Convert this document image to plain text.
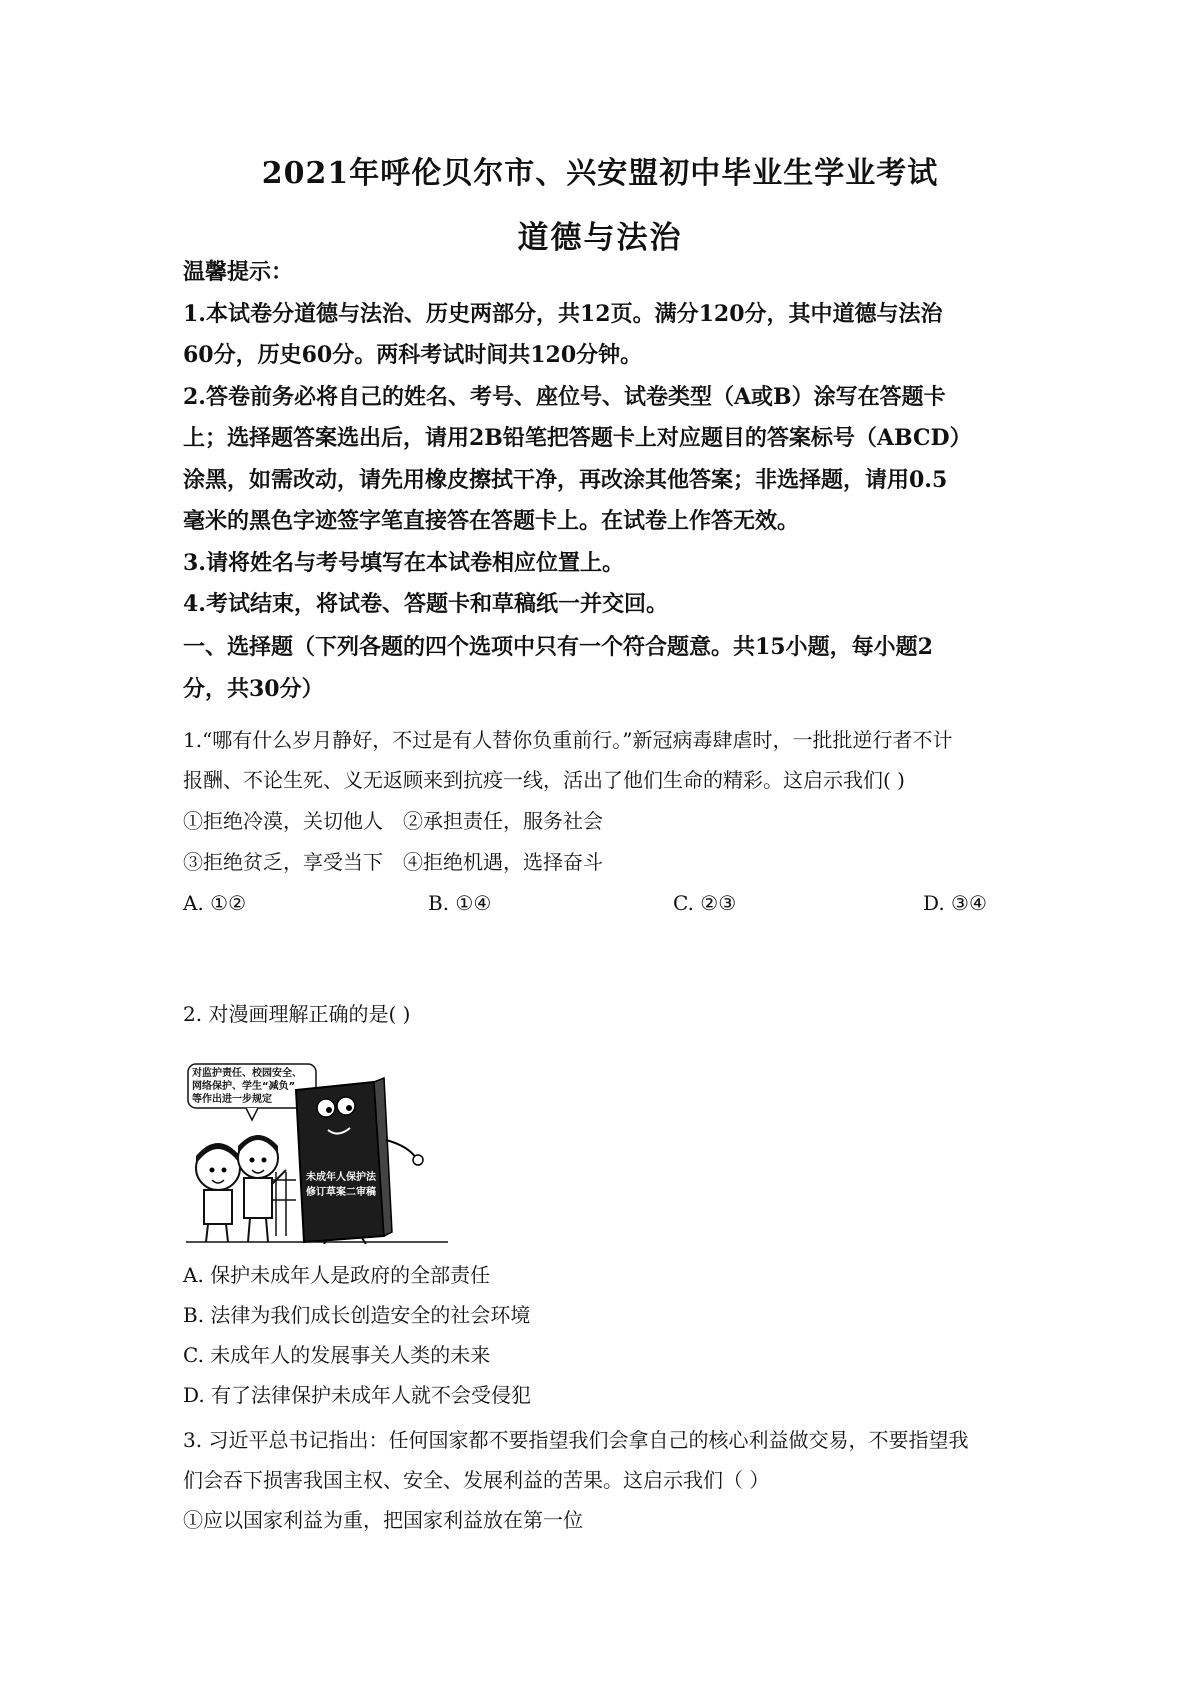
2021年呼伦贝尔市、兴安盟初中毕业生学业考试
道德与法治

温馨提示：

1.本试卷分道德与法治、历史两部分，共12页。满分120分，其中道德与法治

60分，历史60分。两科考试时间共120分钟。

2.答卷前务必将自己的姓名、考号、座位号、试卷类型（A或B）涂写在答题卡

上；选择题答案选出后，请用2B铅笔把答题卡上对应题目的答案标号（ABCD）

涂黑，如需改动，请先用橡皮擦拭干净，再改涂其他答案；非选择题，请用0.5

毫米的黑色字迹签字笔直接答在答题卡上。在试卷上作答无效。

3.请将姓名与考号填写在本试卷相应位置上。

4.考试结束，将试卷、答题卡和草稿纸一并交回。

一、选择题（下列各题的四个选项中只有一个符合题意。共15小题，每小题2
分，共30分）

1.“哪有什么岁月静好，不过是有人替你负重前行。”新冠病毒肆虐时，一批批逆行者不计

报酬、不论生死、义无返顾来到抗疫一线，活出了他们生命的精彩。这启示我们( )

①拒绝冷漠，关切他人 ②承担责任，服务社会
③拒绝贫乏，享受当下 ④拒绝机遇，选择奋斗
A. ①②	B. ①④	C. ②③	D. ③④

2. 对漫画理解正确的是( )

对监护责任、校园安全、
网络保护、学生“减负”
等作出进一步规定
未成年人保护法
修订草案二审稿

A. 保护未成年人是政府的全部责任

B. 法律为我们成长创造安全的社会环境

C. 未成年人的发展事关人类的未来

D. 有了法律保护未成年人就不会受侵犯

3. 习近平总书记指出：任何国家都不要指望我们会拿自己的核心利益做交易，不要指望我

们会吞下损害我国主权、安全、发展利益的苦果。这启示我们（ ）

①应以国家利益为重，把国家利益放在第一位
